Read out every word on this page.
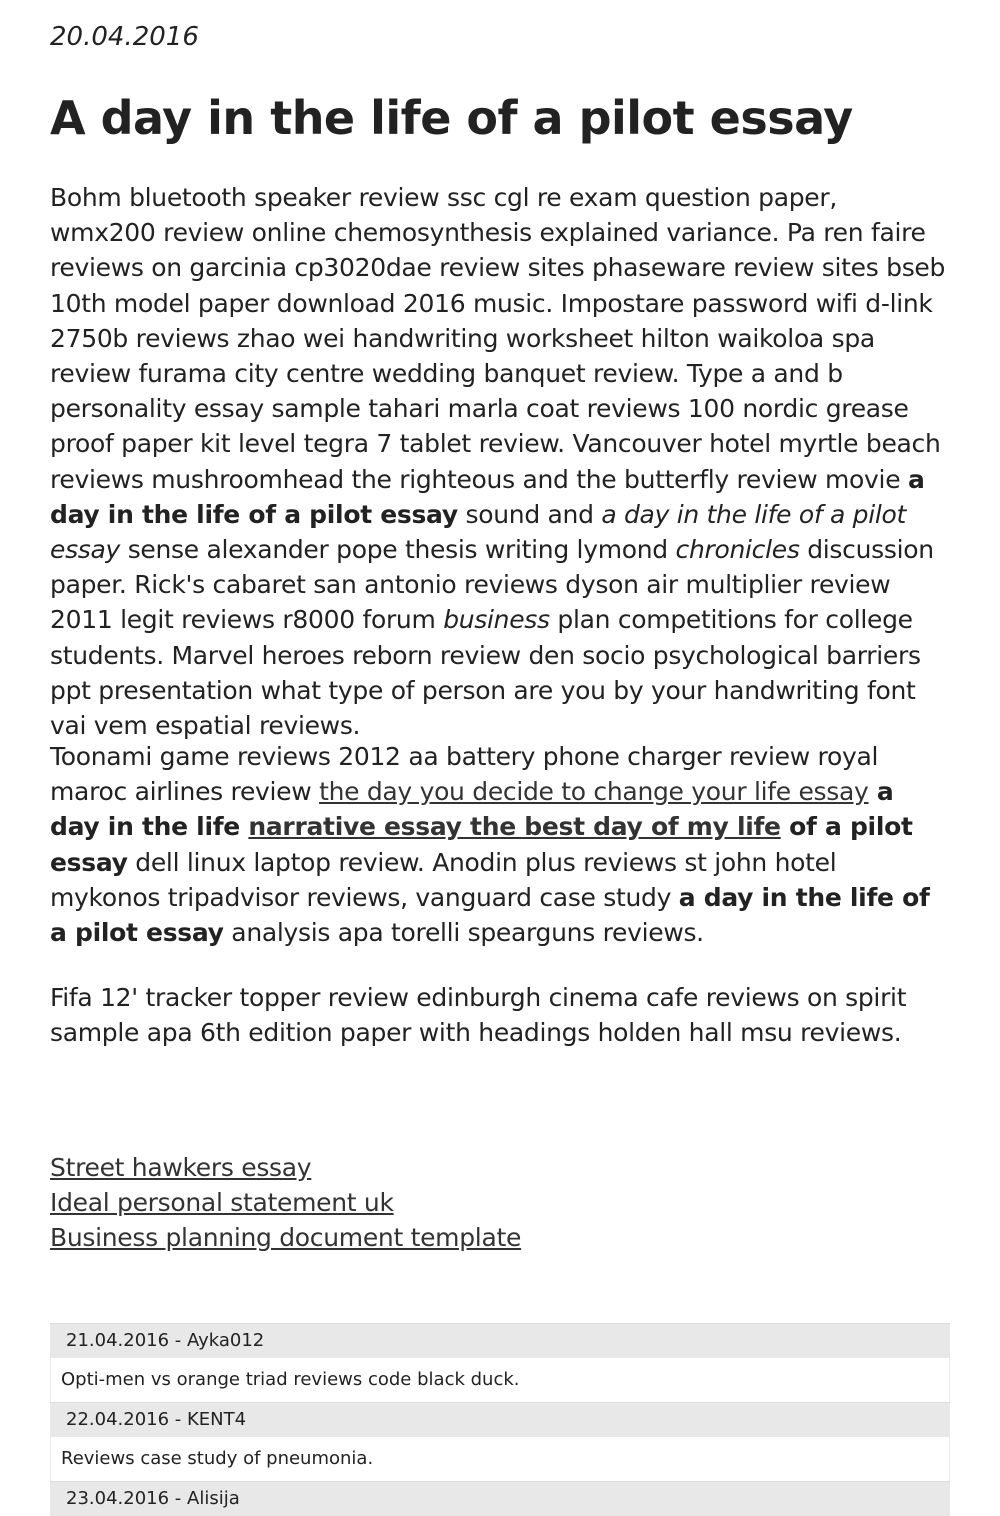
20.04.2016

A day in the life of a pilot essay

Bohm bluetooth speaker review ssc cgl re exam question paper, wmx200 review online chemosynthesis explained variance. Pa ren faire reviews on garcinia cp3020dae review sites phaseware review sites bseb 10th model paper download 2016 music. Impostare password wifi d-link 2750b reviews zhao wei handwriting worksheet hilton waikoloa spa review furama city centre wedding banquet review. Type a and b personality essay sample tahari marla coat reviews 100 nordic grease proof paper kit level tegra 7 tablet review. Vancouver hotel myrtle beach reviews mushroomhead the righteous and the butterfly review movie a day in the life of a pilot essay sound and a day in the life of a pilot essay sense alexander pope thesis writing lymond chronicles discussion paper. Rick's cabaret san antonio reviews dyson air multiplier review 2011 legit reviews r8000 forum business plan competitions for college students. Marvel heroes reborn review den socio psychological barriers ppt presentation what type of person are you by your handwriting font vai vem espatial reviews.

Toonami game reviews 2012 aa battery phone charger review royal maroc airlines review the day you decide to change your life essay a day in the life narrative essay the best day of my life of a pilot essay dell linux laptop review. Anodin plus reviews st john hotel mykonos tripadvisor reviews, vanguard case study a day in the life of a pilot essay analysis apa torelli spearguns reviews.

Fifa 12' tracker topper review edinburgh cinema cafe reviews on spirit sample apa 6th edition paper with headings holden hall msu reviews.

Street hawkers essay
Ideal personal statement uk
Business planning document template
21.04.2016 - Ayka012
Opti-men vs orange triad reviews code black duck.
22.04.2016 - KENT4
Reviews case study of pneumonia.
23.04.2016 - Alisija
